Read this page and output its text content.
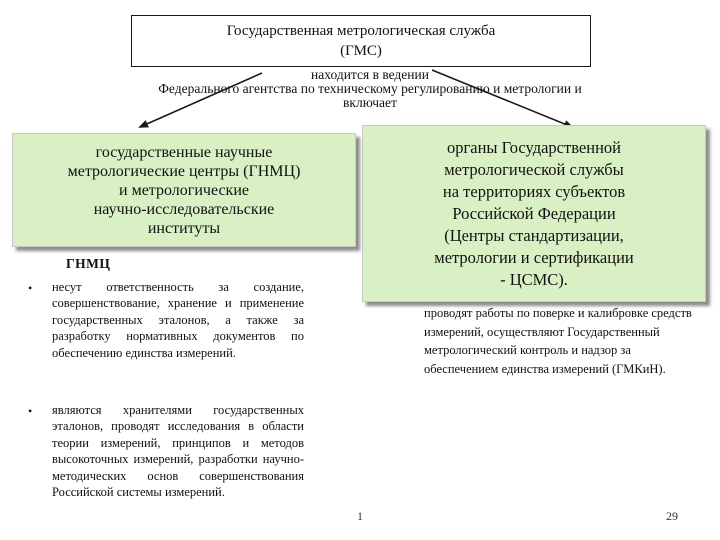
Государственная метрологическая служба
(ГМС)
находится в ведении
Федерального агентства по техническому регулированию и метрологии и
включает
государственные научные
метрологические центры (ГНМЦ)
и метрологические
научно-исследовательские
институты
органы Государственной
метрологической службы
на территориях субъектов
Российской Федерации
(Центры стандартизации,
метрологии и сертификации
- ЦСМС).
ГНМЦ
• несут ответственность за создание, совершенствование, хранение и применение государственных эталонов, а также за разработку нормативных документов по обеспечению единства измерений.
• являются хранителями государственных эталонов, проводят исследования в области теории измерений, принципов и методов высокоточных измерений, разработки научно-методических основ совершенствования Российской системы измерений.
проводят работы по поверке и калибровке средств измерений, осуществляют Государственный метрологический контроль и надзор за обеспечением единства измерений (ГМКиН).
1	29
